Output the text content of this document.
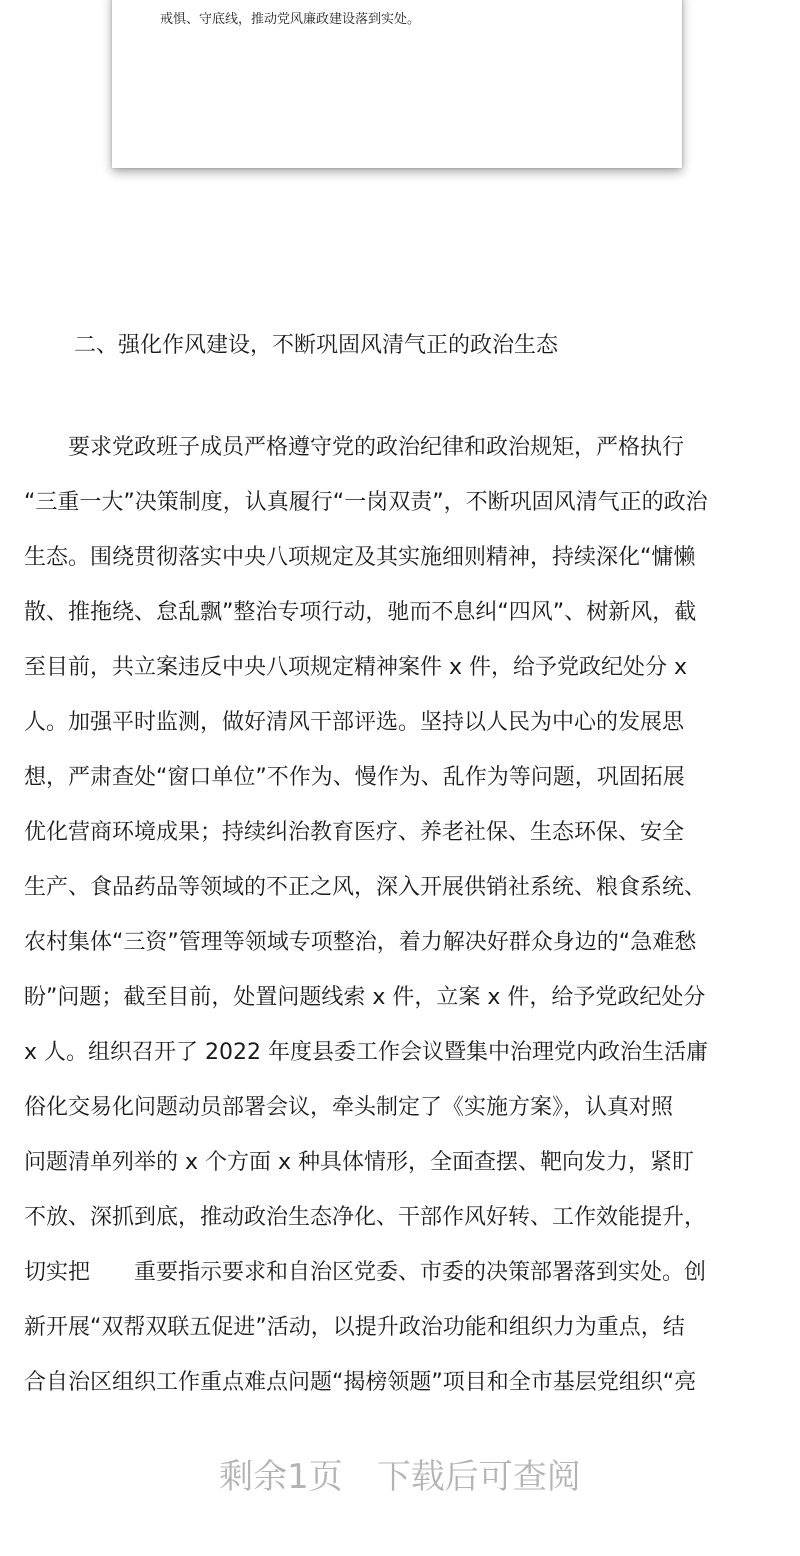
戒惧、守底线，推动党风廉政建设落到实处。
二、强化作风建设，不断巩固风清气正的政治生态
　　要求党政班子成员严格遵守党的政治纪律和政治规矩，严格执行
“三重一大”决策制度，认真履行“一岗双责”，不断巩固风清气正的政治
生态。围绕贯彻落实中央八项规定及其实施细则精神，持续深化“慵懒
散、推拖绕、怠乱飘”整治专项行动，驰而不息纠“四风”、树新风，截
至目前，共立案违反中央八项规定精神案件 x 件，给予党政纪处分 x
人。加强平时监测，做好清风干部评选。坚持以人民为中心的发展思
想，严肃查处“窗口单位”不作为、慢作为、乱作为等问题，巩固拓展
优化营商环境成果；持续纠治教育医疗、养老社保、生态环保、安全
生产、食品药品等领域的不正之风，深入开展供销社系统、粮食系统、
农村集体“三资”管理等领域专项整治，着力解决好群众身边的“急难愁
盼”问题；截至目前，处置问题线索 x 件，立案 x 件，给予党政纪处分
x 人。组织召开了 2022 年度县委工作会议暨集中治理党内政治生活庸
俗化交易化问题动员部署会议，牵头制定了《实施方案》，认真对照
问题清单列举的 x 个方面 x 种具体情形，全面查摆、靶向发力，紧盯
不放、深抓到底，推动政治生态净化、干部作风好转、工作效能提升，
切实把　　重要指示要求和自治区党委、市委的决策部署落到实处。创
新开展“双帮双联五促进”活动，以提升政治功能和组织力为重点，结
合自治区组织工作重点难点问题“揭榜领题”项目和全市基层党组织“亮
剩余1页 下载后可查阅
